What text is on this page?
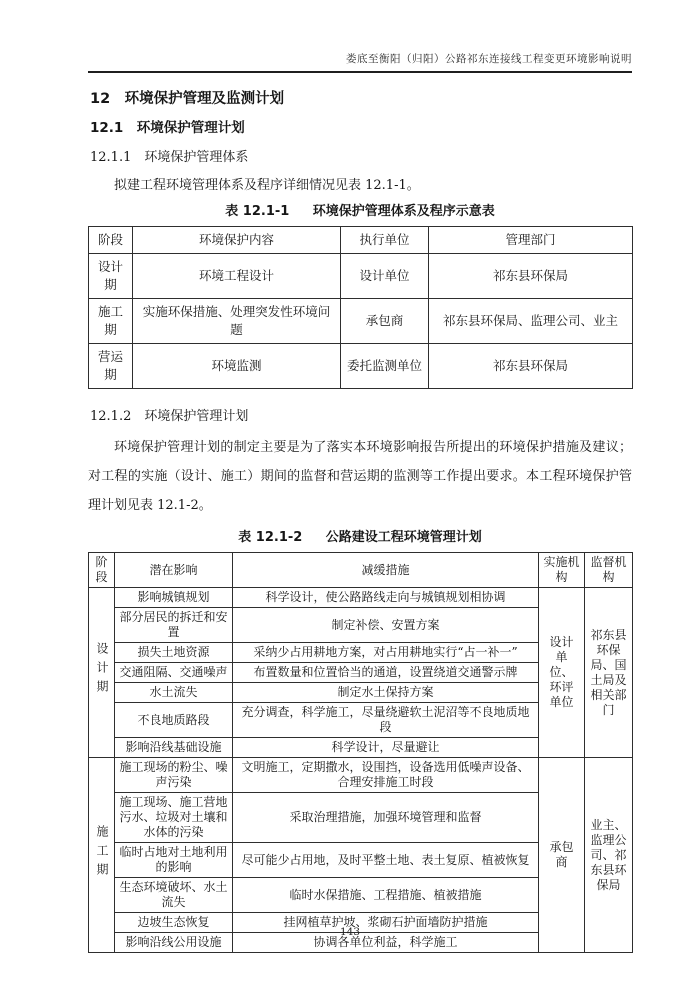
娄底至衡阳（归阳）公路祁东连接线工程变更环境影响说明
12　环境保护管理及监测计划
12.1　环境保护管理计划
12.1.1　环境保护管理体系

拟建工程环境管理体系及程序详细情况见表 12.1-1。

表 12.1-1 环境保护管理体系及程序示意表
阶段	环境保护内容	执行单位	管理部门
设计期	环境工程设计	设计单位	祁东县环保局
施工期	实施环保措施、处理突发性环境问题	承包商	祁东县环保局、监理公司、业主
营运期	环境监测	委托监测单位	祁东县环保局
12.1.2　环境保护管理计划

环境保护管理计划的制定主要是为了落实本环境影响报告所提出的环境保护措施及建议；对工程的实施（设计、施工）期间的监督和营运期的监测等工作提出要求。本工程环境保护管理计划见表 12.1-2。

表 12.1-2 公路建设工程环境管理计划
阶段	潜在影响	减缓措施	实施机构	监督机构
设计期	影响城镇规划	科学设计，使公路路线走向与城镇规划相协调	设计单位、环评单位	祁东县环保局、国土局及相关部门
	部分居民的拆迁和安置	制定补偿、安置方案		
	损失土地资源	采纳少占用耕地方案，对占用耕地实行“占一补一”		
	交通阻隔、交通噪声	布置数量和位置恰当的通道，设置绕道交通警示牌		
	水土流失	制定水土保持方案		
	不良地质路段	充分调查，科学施工，尽量绕避软土泥沼等不良地质地段		
	影响沿线基础设施	科学设计，尽量避让		
施工期	施工现场的粉尘、噪声污染	文明施工，定期撒水，设围挡，设备选用低噪声设备、合理安排施工时段	承包商	业主、监理公司、祁东县环保局
	施工现场、施工营地污水、垃圾对土壤和水体的污染	采取治理措施，加强环境管理和监督		
	临时占地对土地利用的影响	尽可能少占用地，及时平整土地、表土复原、植被恢复		
	生态环境破坏、水土流失	临时水保措施、工程措施、植被措施		
	边坡生态恢复	挂网植草护坡、浆砌石护面墙防护措施		
	影响沿线公用设施	协调各单位利益，科学施工		
143
